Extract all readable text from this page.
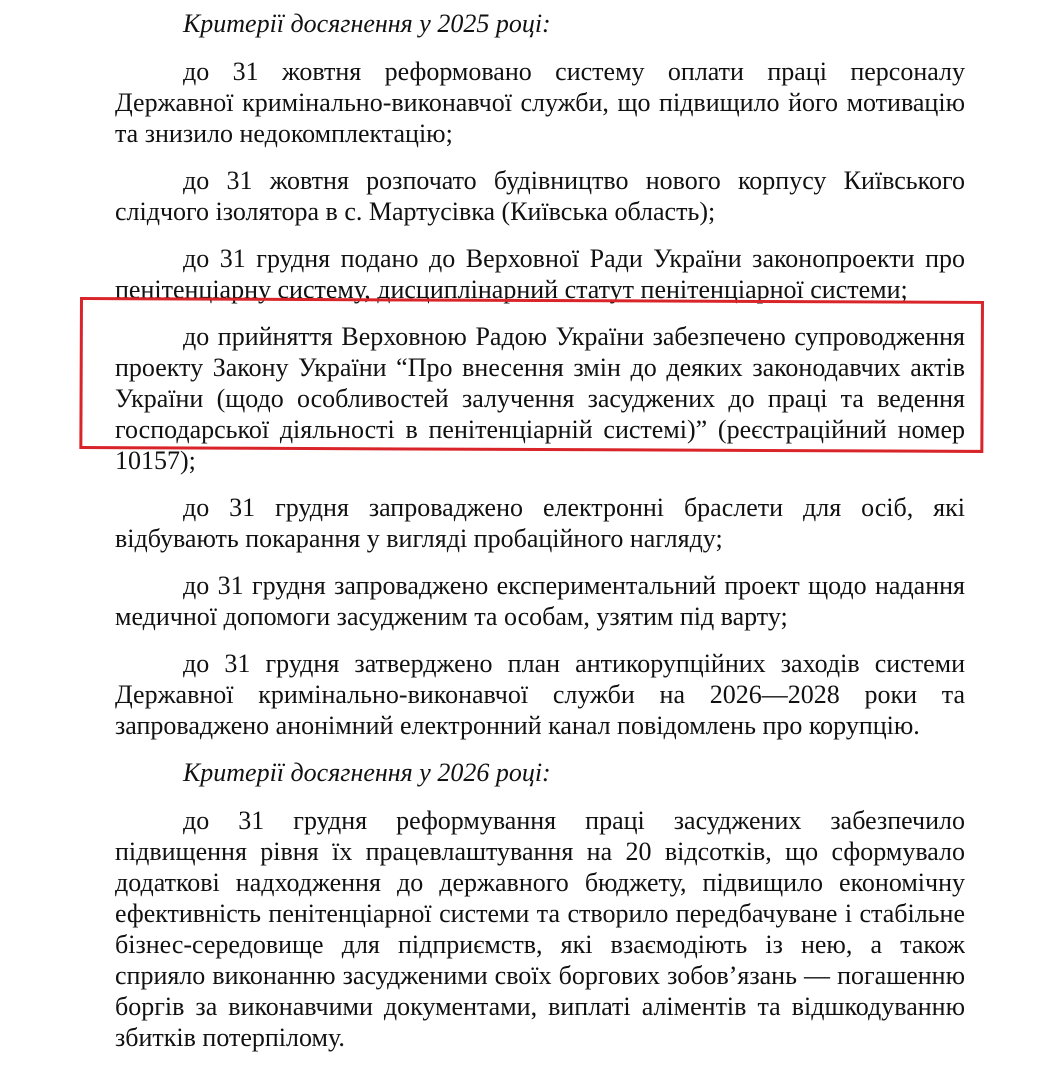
Критерії досягнення у 2025 році:

до 31 жовтня реформовано систему оплати праці персоналу Державної кримінально-виконавчої служби, що підвищило його мотивацію та знизило недокомплектацію;

до 31 жовтня розпочато будівництво нового корпусу Київського слідчого ізолятора в с. Мартусівка (Київська область);

до 31 грудня подано до Верховної Ради України законопроекти про пенітенціарну систему, дисциплінарний статут пенітенціарної системи;

до прийняття Верховною Радою України забезпечено супроводження проекту Закону України “Про внесення змін до деяких законодавчих актів України (щодо особливостей залучення засуджених до праці та ведення господарської діяльності в пенітенціарній системі)” (реєстраційний номер 10157);

до 31 грудня запроваджено електронні браслети для осіб, які відбувають покарання у вигляді пробаційного нагляду;

до 31 грудня запроваджено експериментальний проект щодо надання медичної допомоги засудженим та особам, узятим під варту;

до 31 грудня затверджено план антикорупційних заходів системи Державної кримінально-виконавчої служби на 2026—2028 роки та запроваджено анонімний електронний канал повідомлень про корупцію.

Критерії досягнення у 2026 році:

до 31 грудня реформування праці засуджених забезпечило підвищення рівня їх працевлаштування на 20 відсотків, що сформувало додаткові надходження до державного бюджету, підвищило економічну ефективність пенітенціарної системи та створило передбачуване і стабільне бізнес-середовище для підприємств, які взаємодіють із нею, а також сприяло виконанню засудженими своїх боргових зобов’язань — погашенню боргів за виконавчими документами, виплаті аліментів та відшкодуванню збитків потерпілому.
